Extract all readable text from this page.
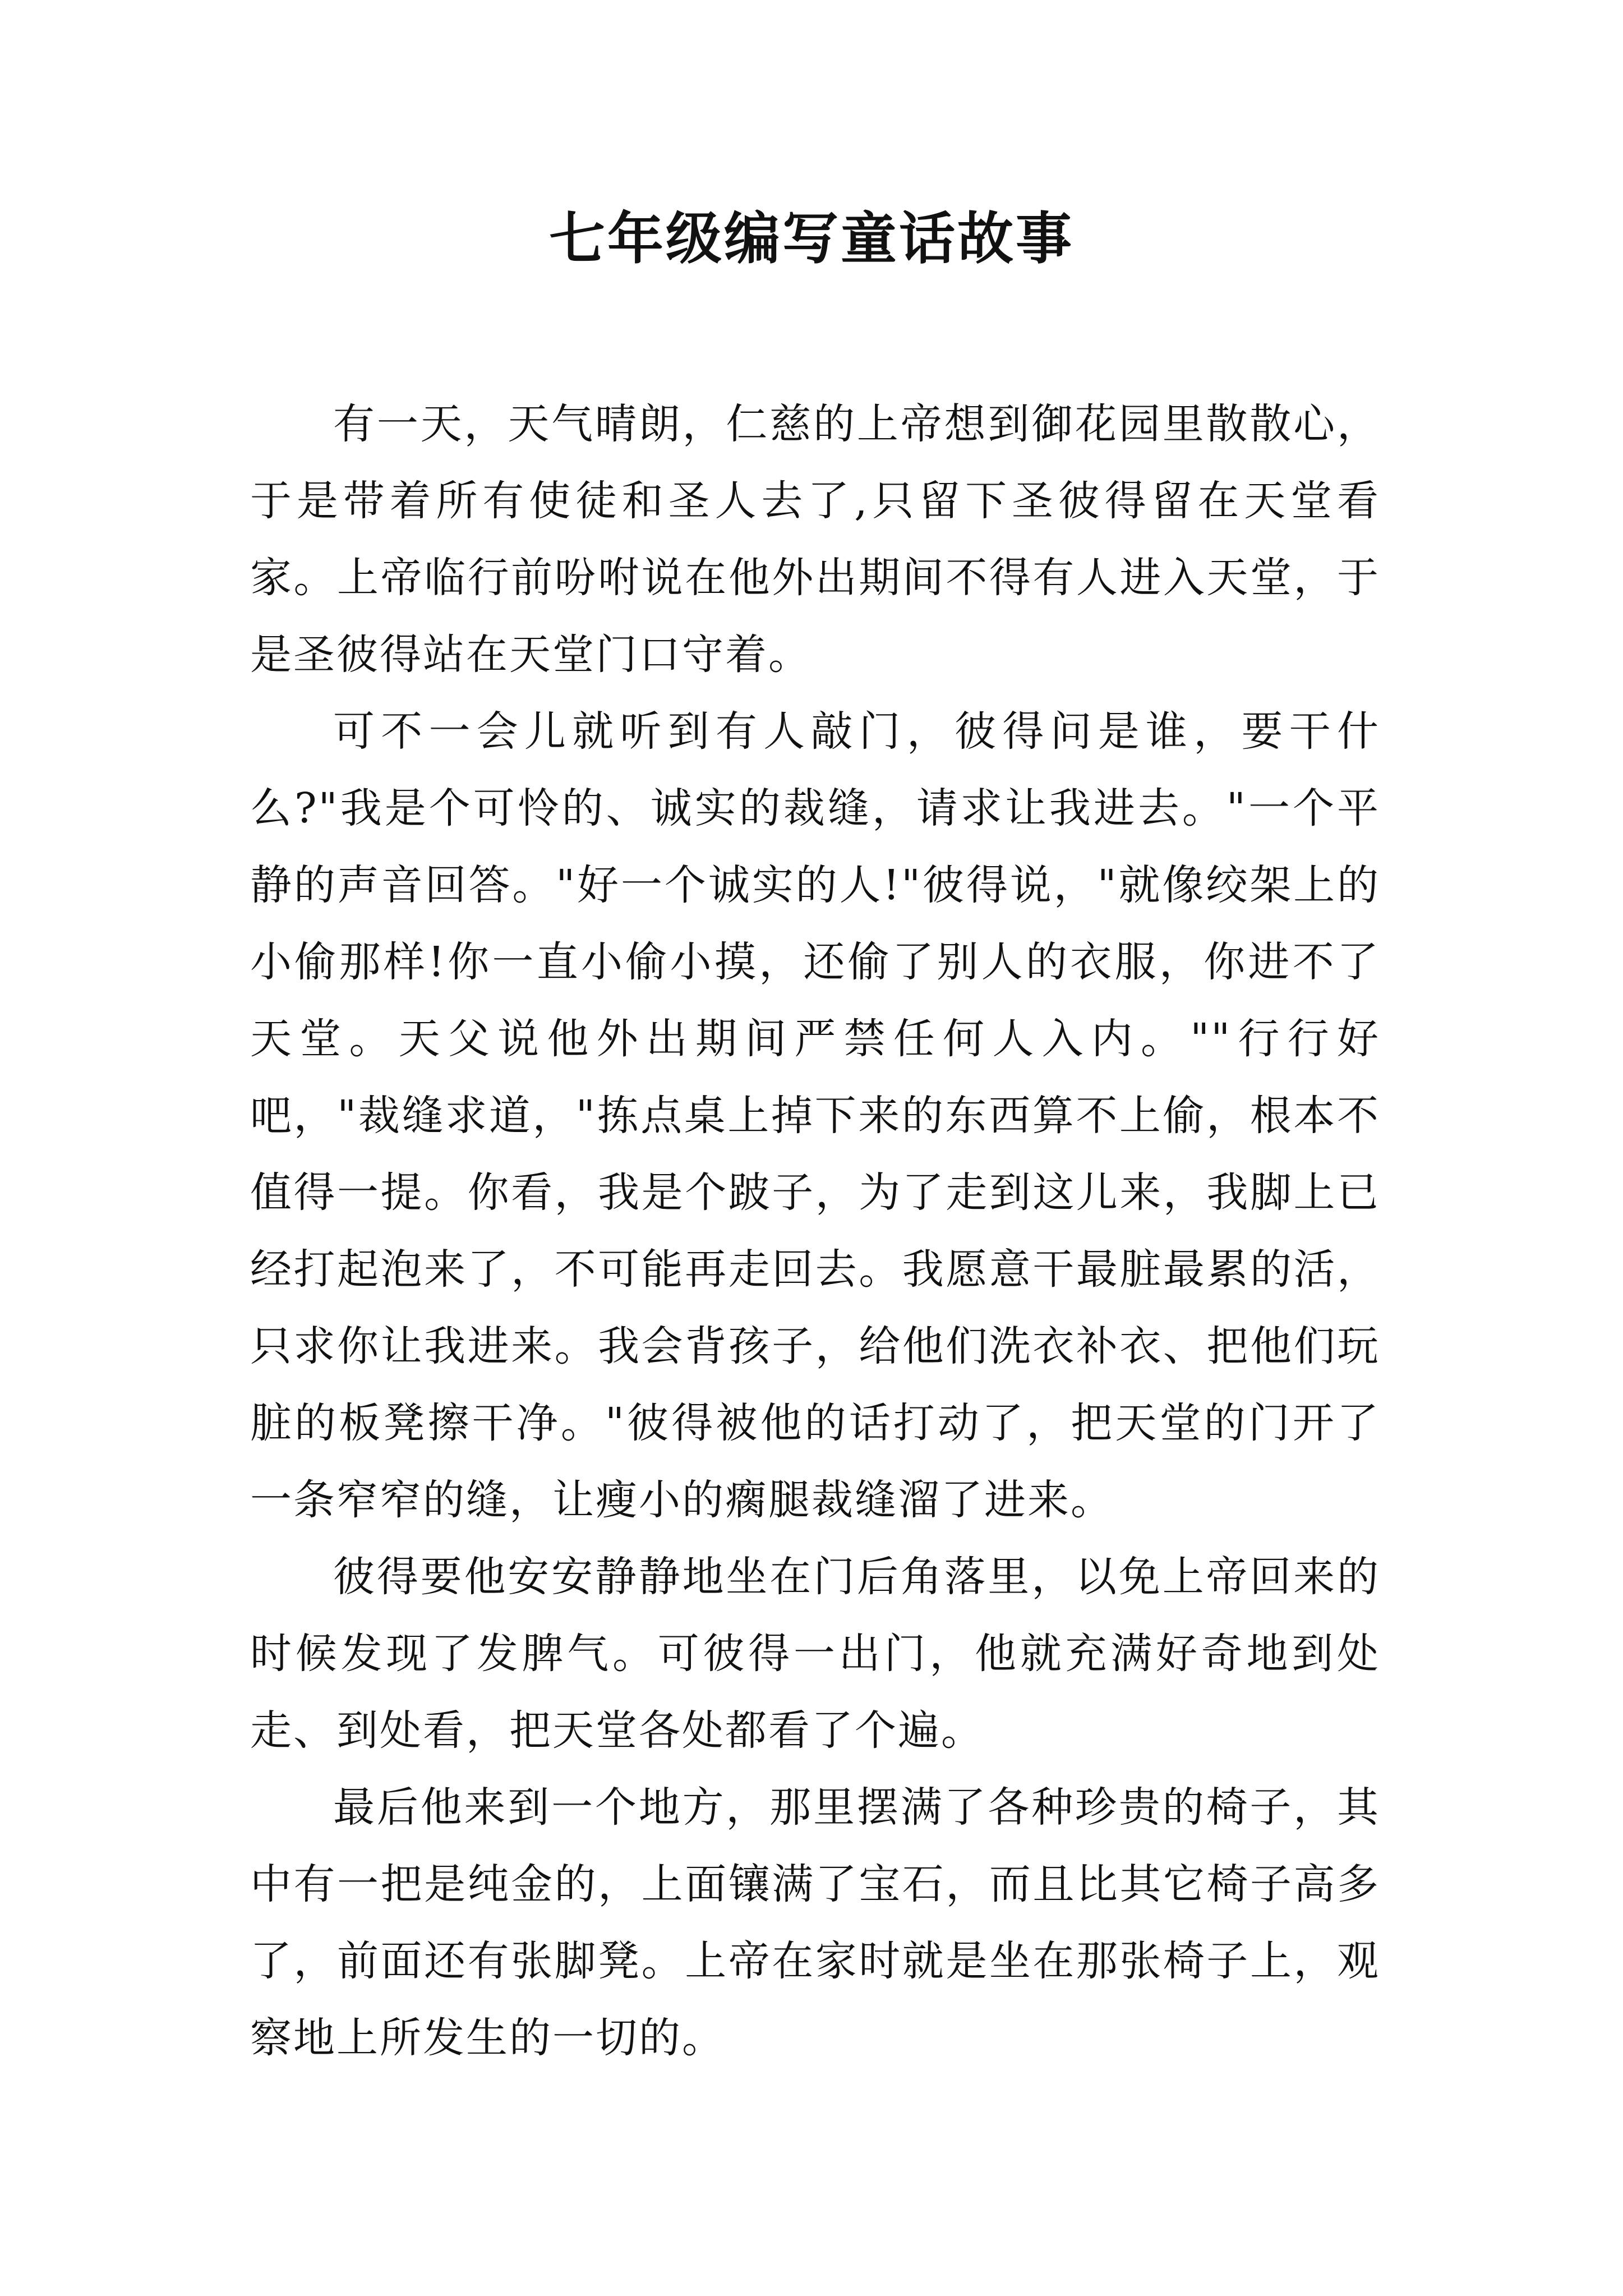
七年级编写童话故事

有一天，天气晴朗，仁慈的上帝想到御花园里散散心，于是带着所有使徒和圣人去了,只留下圣彼得留在天堂看家。上帝临行前吩咐说在他外出期间不得有人进入天堂，于是圣彼得站在天堂门口守着。

可不一会儿就听到有人敲门，彼得问是谁，要干什么?"我是个可怜的、诚实的裁缝，请求让我进去。"一个平静的声音回答。"好一个诚实的人!"彼得说，"就像绞架上的小偷那样!你一直小偷小摸，还偷了别人的衣服，你进不了天堂。天父说他外出期间严禁任何人入内。""行行好吧，"裁缝求道，"拣点桌上掉下来的东西算不上偷，根本不值得一提。你看，我是个跛子，为了走到这儿来，我脚上已经打起泡来了，不可能再走回去。我愿意干最脏最累的活，只求你让我进来。我会背孩子，给他们洗衣补衣、把他们玩脏的板凳擦干净。"彼得被他的话打动了，把天堂的门开了一条窄窄的缝，让瘦小的瘸腿裁缝溜了进来。

彼得要他安安静静地坐在门后角落里，以免上帝回来的时候发现了发脾气。可彼得一出门，他就充满好奇地到处走、到处看，把天堂各处都看了个遍。

最后他来到一个地方，那里摆满了各种珍贵的椅子，其中有一把是纯金的，上面镶满了宝石，而且比其它椅子高多了，前面还有张脚凳。上帝在家时就是坐在那张椅子上，观察地上所发生的一切的。
